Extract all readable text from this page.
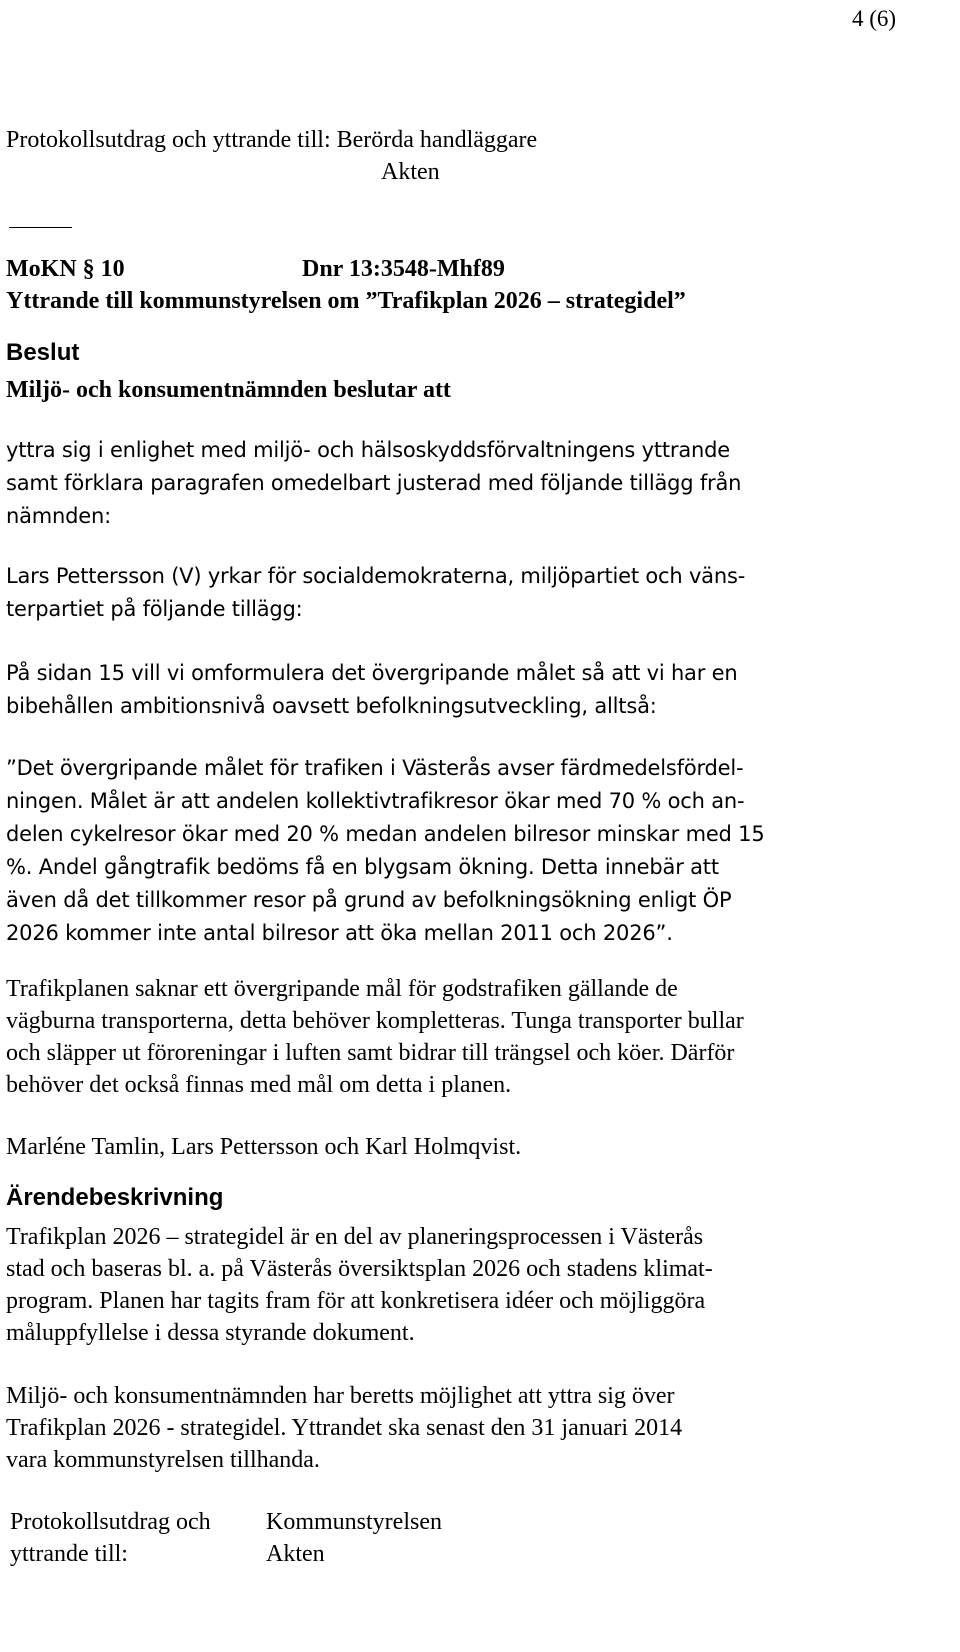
4 (6)
Protokollsutdrag och yttrande till: Berörda handläggare
Akten
MoKN § 10	Dnr 13:3548-Mhf89
Yttrande till kommunstyrelsen om ”Trafikplan 2026 – strategidel”
Beslut
Miljö- och konsumentnämnden beslutar att
yttra sig i enlighet med miljö- och hälsoskyddsförvaltningens yttrande
samt förklara paragrafen omedelbart justerad med följande tillägg från
nämnden:
Lars Pettersson (V) yrkar för socialdemokraterna, miljöpartiet och väns-
terpartiet på följande tillägg:
På sidan 15 vill vi omformulera det övergripande målet så att vi har en
bibehållen ambitionsnivå oavsett befolkningsutveckling, alltså:
”Det övergripande målet för trafiken i Västerås avser färdmedelsfördel-
ningen. Målet är att andelen kollektivtrafikresor ökar med 70 % och an-
delen cykelresor ökar med 20 % medan andelen bilresor minskar med 15
%. Andel gångtrafik bedöms få en blygsam ökning. Detta innebär att
även då det tillkommer resor på grund av befolkningsökning enligt ÖP
2026 kommer inte antal bilresor att öka mellan 2011 och 2026”.
Trafikplanen saknar ett övergripande mål för godstrafiken gällande de
vägburna transporterna, detta behöver kompletteras. Tunga transporter bullar
och släpper ut föroreningar i luften samt bidrar till trängsel och köer. Därför
behöver det också finnas med mål om detta i planen.
Marléne Tamlin, Lars Pettersson och Karl Holmqvist.
Ärendebeskrivning
Trafikplan 2026 – strategidel är en del av planeringsprocessen i Västerås
stad och baseras bl. a. på Västerås översiktsplan 2026 och stadens klimat-
program. Planen har tagits fram för att konkretisera idéer och möjliggöra
måluppfyllelse i dessa styrande dokument.
Miljö- och konsumentnämnden har beretts möjlighet att yttra sig över
Trafikplan 2026 - strategidel. Yttrandet ska senast den 31 januari 2014
vara kommunstyrelsen tillhanda.
Protokollsutdrag och
yttrande till:
Kommunstyrelsen
Akten
